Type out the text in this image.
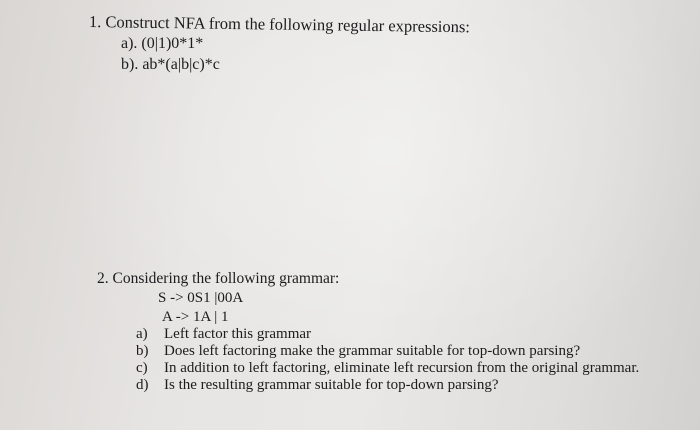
1. Construct NFA from the following regular expressions:
a). (0|1)0*1*
b). ab*(a|b|c)*c
2. Considering the following grammar:
S -> 0S1 |00A
A -> 1A | 1
a) Left factor this grammar
b) Does left factoring make the grammar suitable for top-down parsing?
c) In addition to left factoring, eliminate left recursion from the original grammar.
d) Is the resulting grammar suitable for top-down parsing?
